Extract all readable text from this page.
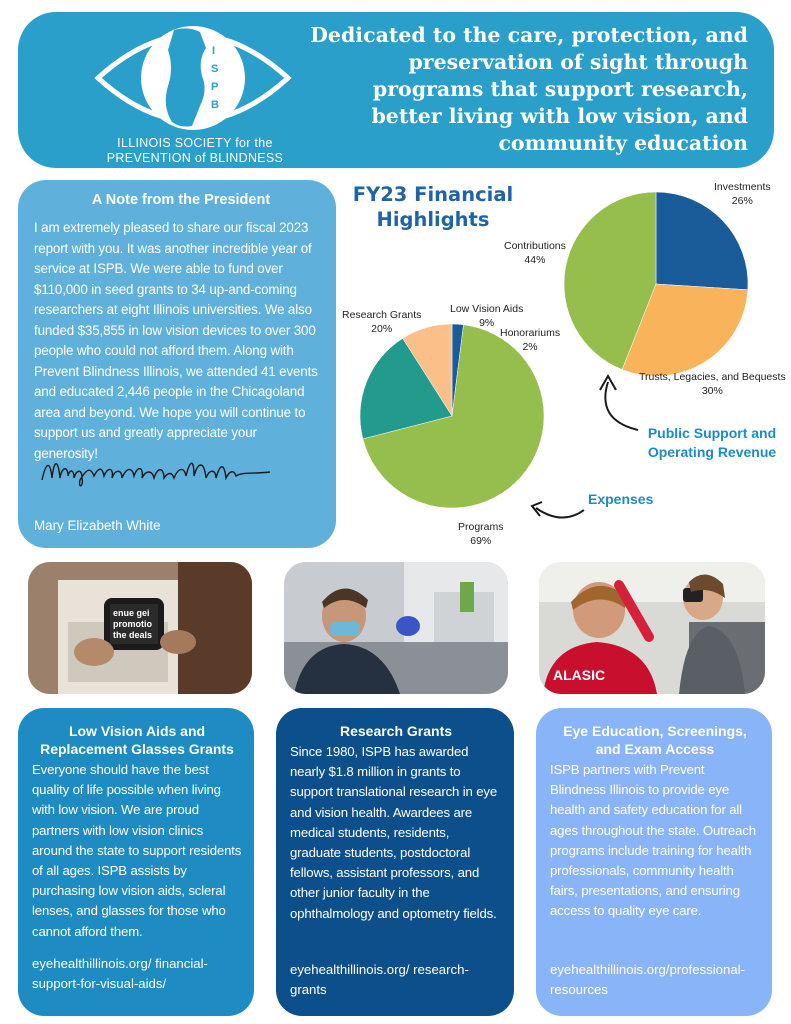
I
S
P
B
ILLINOIS SOCIETY for the
PREVENTION of BLINDNESS
Dedicated to the care, protection, and preservation of sight through programs that support research, better living with low vision, and community education
A Note from the President
I am extremely pleased to share our fiscal 2023 report with you. It was another incredible year of service at ISPB. We were able to fund over $110,000 in seed grants to 34 up-and-coming researchers at eight Illinois universities. We also funded $35,855 in low vision devices to over 300 people who could not afford them. Along with Prevent Blindness Illinois, we attended 41 events and educated 2,446 people in the Chicagoland area and beyond. We hope you will continue to support us and greatly appreciate your generosity!
Mary Elizabeth White
FY23 Financial Highlights
Investments
26%
Trusts, Legacies, and Bequests
30%
Contributions
44%
Honorariums
2%
Programs
69%
Research Grants
20%
Low Vision Aids
9%
Public Support and Operating Revenue
Expenses
enue gei
promotio
the deals
ALASIC
Low Vision Aids and Replacement Glasses Grants
Everyone should have the best quality of life possible when living with low vision. We are proud partners with low vision clinics around the state to support residents of all ages. ISPB assists by purchasing low vision aids, scleral lenses, and glasses for those who cannot afford them.
eyehealthillinois.org/ financial-support-for-visual-aids/
Research Grants
Since 1980, ISPB has awarded nearly $1.8 million in grants to support translational research in eye and vision health. Awardees are medical students, residents, graduate students, postdoctoral fellows, assistant professors, and other junior faculty in the ophthalmology and optometry fields.
eyehealthillinois.org/ research-grants
Eye Education, Screenings, and Exam Access
ISPB partners with Prevent Blindness Illinois to provide eye health and safety education for all ages throughout the state. Outreach programs include training for health professionals, community health fairs, presentations, and ensuring access to quality eye care.
eyehealthillinois.org/professional-resources
